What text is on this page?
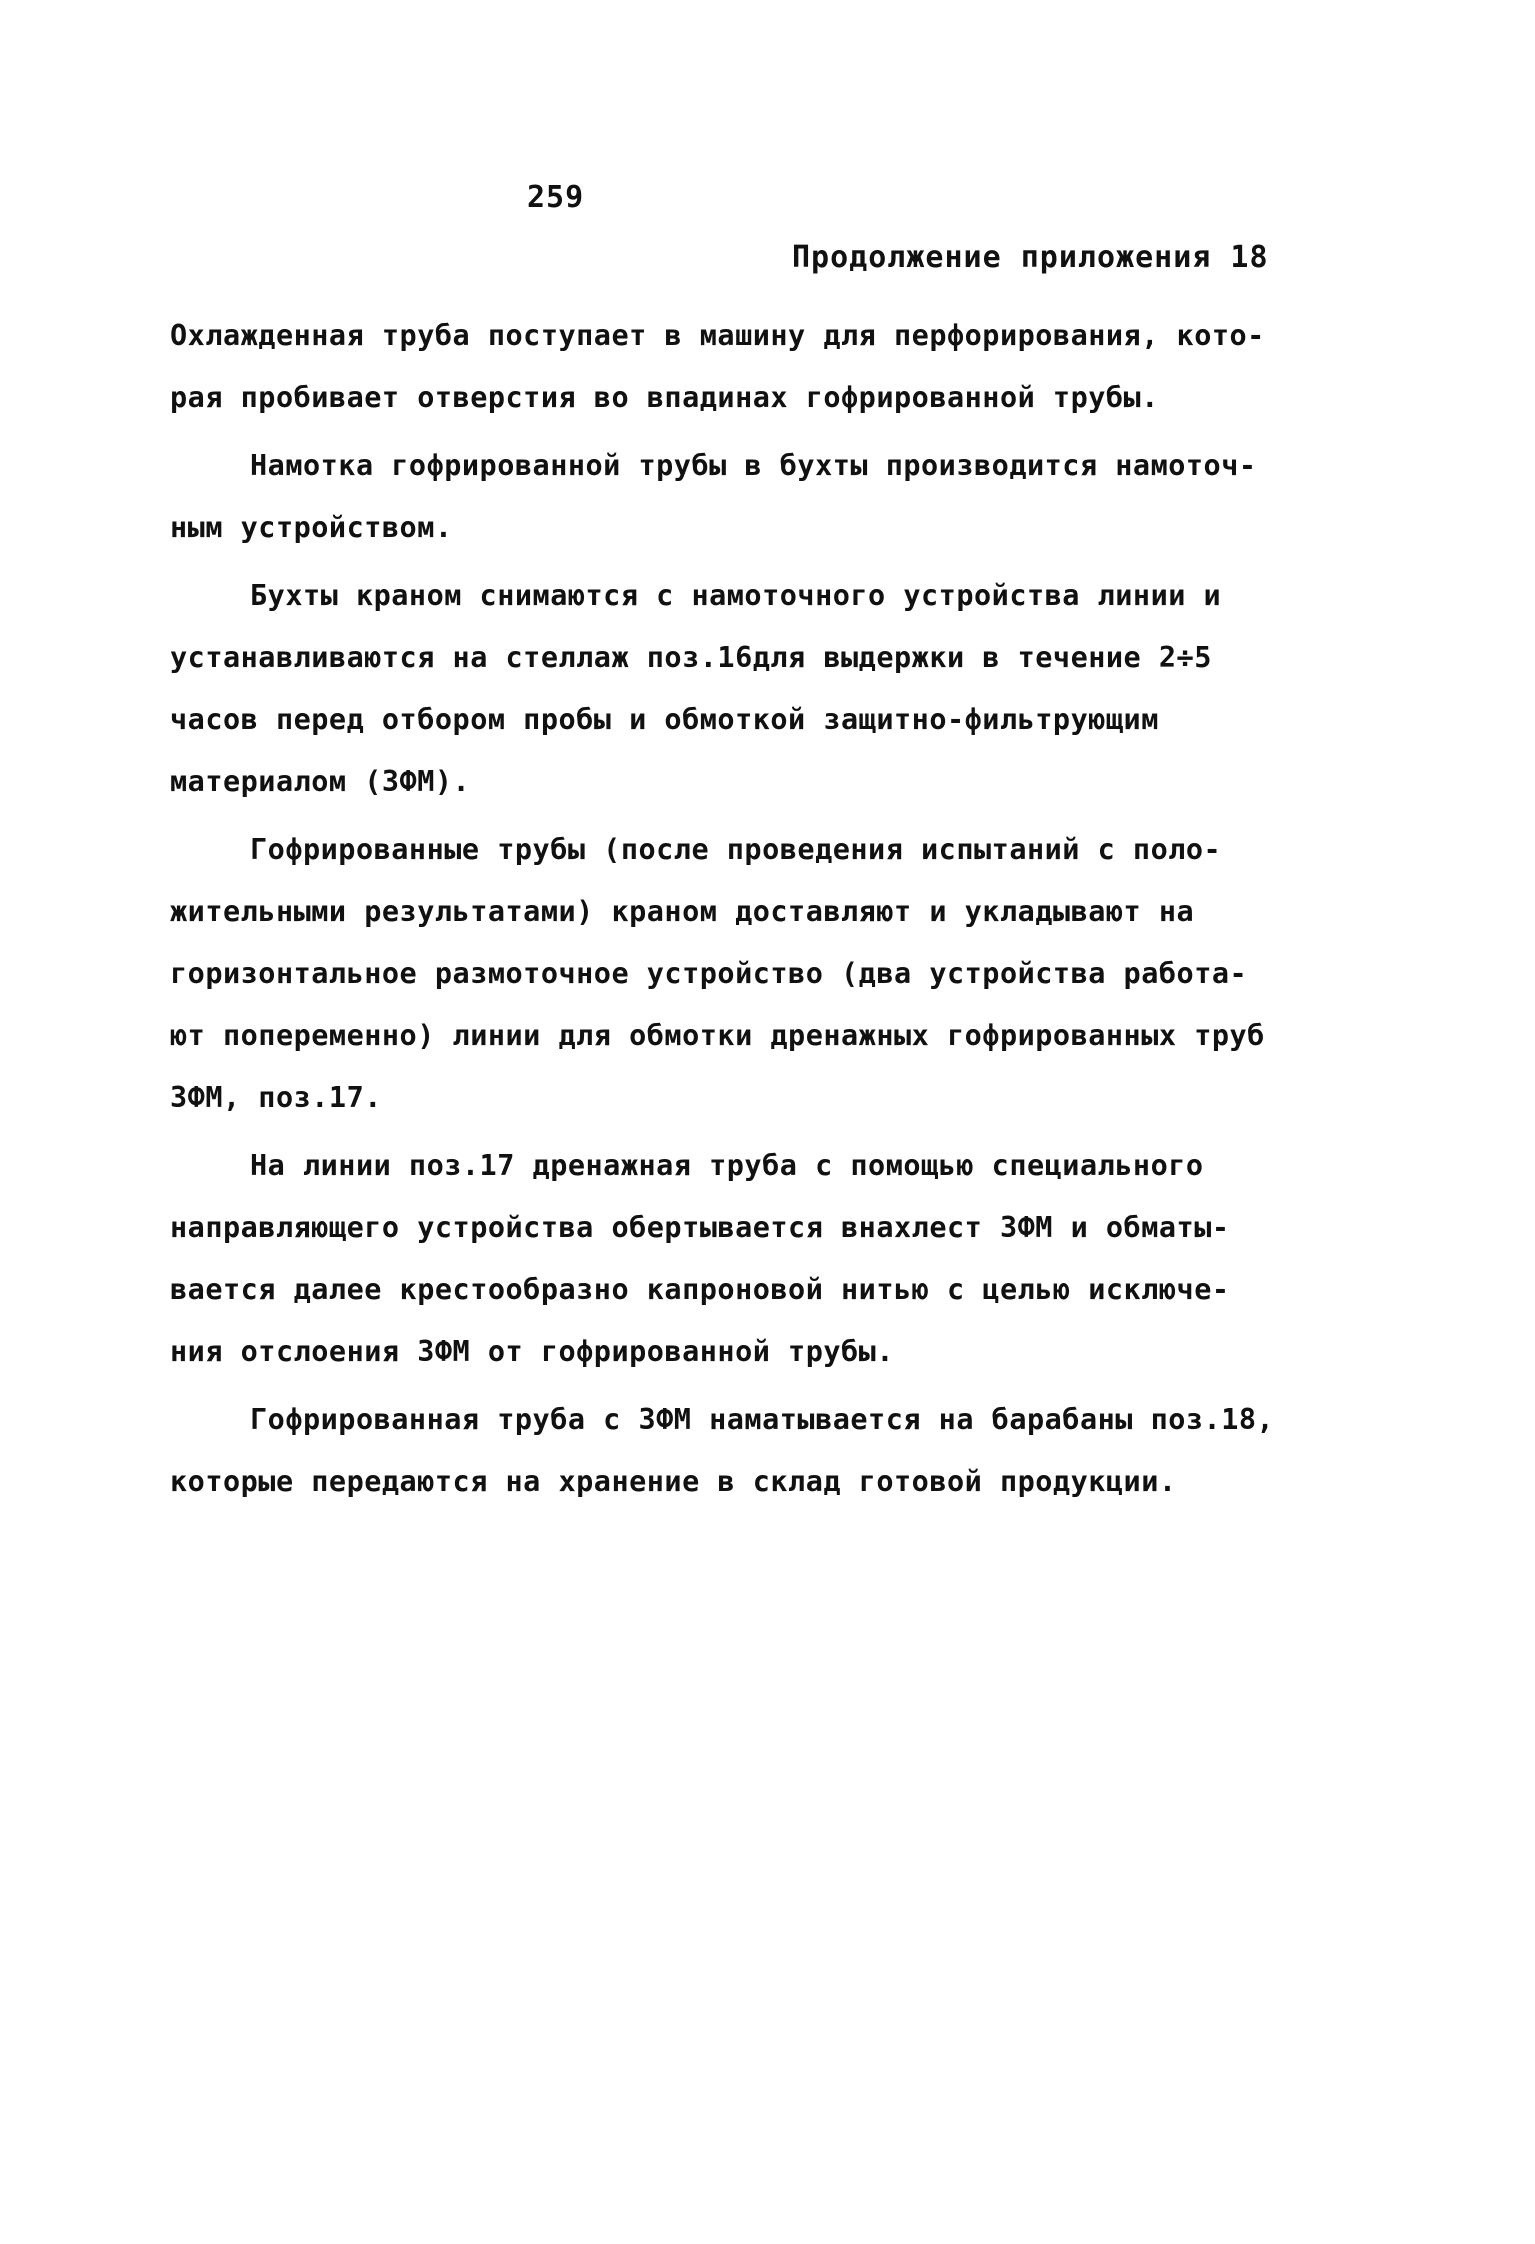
259
Продолжение приложения 18
Охлажденная труба поступает в машину для перфорирования, кото-
рая пробивает отверстия во впадинах гофрированной трубы.
Намотка гофрированной трубы в бухты производится намоточ-
ным устройством.
Бухты краном снимаются с намоточного устройства линии и
устанавливаются на стеллаж поз.16для выдержки в течение 2÷5
часов перед отбором пробы и обмоткой защитно-фильтрующим
материалом (ЗФМ).
Гофрированные трубы (после проведения испытаний с поло-
жительными результатами) краном доставляют и укладывают на
горизонтальное размоточное устройство (два устройства работа-
ют попеременно) линии для обмотки дренажных гофрированных труб
ЗФМ, поз.17.
На линии поз.17 дренажная труба с помощью специального
направляющего устройства обертывается внахлест ЗФМ и обматы-
вается далее крестообразно капроновой нитью с целью исключе-
ния отслоения ЗФМ от гофрированной трубы.
Гофрированная труба с ЗФМ наматывается на барабаны поз.18,
которые передаются на хранение в склад готовой продукции.
